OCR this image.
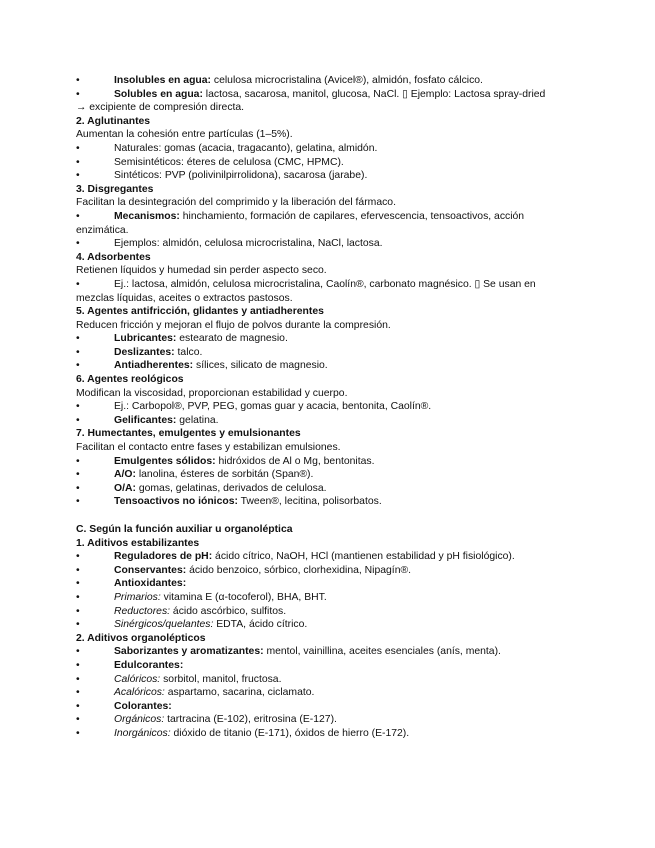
•	Insolubles en agua: celulosa microcristalina (Avicel®), almidón, fosfato cálcico.
•	Solubles en agua: lactosa, sacarosa, manitol, glucosa, NaCl. ▯ Ejemplo: Lactosa spray-dried
→ excipiente de compresión directa.
2. Aglutinantes
Aumentan la cohesión entre partículas (1–5%).
•	Naturales: gomas (acacia, tragacanto), gelatina, almidón.
•	Semisintéticos: éteres de celulosa (CMC, HPMC).
•	Sintéticos: PVP (polivinilpirrolidona), sacarosa (jarabe).
3. Disgregantes
Facilitan la desintegración del comprimido y la liberación del fármaco.
•	Mecanismos: hinchamiento, formación de capilares, efervescencia, tensoactivos, acción
enzimática.
•	Ejemplos: almidón, celulosa microcristalina, NaCl, lactosa.
4. Adsorbentes
Retienen líquidos y humedad sin perder aspecto seco.
•	Ej.: lactosa, almidón, celulosa microcristalina, Caolín®, carbonato magnésico. ▯ Se usan en
mezclas líquidas, aceites o extractos pastosos.
5. Agentes antifricción, glidantes y antiadherentes
Reducen fricción y mejoran el flujo de polvos durante la compresión.
•	Lubricantes: estearato de magnesio.
•	Deslizantes: talco.
•	Antiadherentes: sílices, silicato de magnesio.
6. Agentes reológicos
Modifican la viscosidad, proporcionan estabilidad y cuerpo.
•	Ej.: Carbopol®, PVP, PEG, gomas guar y acacia, bentonita, Caolín®.
•	Gelificantes: gelatina.
7. Humectantes, emulgentes y emulsionantes
Facilitan el contacto entre fases y estabilizan emulsiones.
•	Emulgentes sólidos: hidróxidos de Al o Mg, bentonitas.
•	A/O: lanolina, ésteres de sorbitán (Span®).
•	O/A: gomas, gelatinas, derivados de celulosa.
•	Tensoactivos no iónicos: Tween®, lecitina, polisorbatos.
C. Según la función auxiliar u organoléptica
1. Aditivos estabilizantes
•	Reguladores de pH: ácido cítrico, NaOH, HCl (mantienen estabilidad y pH fisiológico).
•	Conservantes: ácido benzoico, sórbico, clorhexidina, Nipagín®.
•	Antioxidantes:
•	Primarios: vitamina E (α-tocoferol), BHA, BHT.
•	Reductores: ácido ascórbico, sulfitos.
•	Sinérgicos/quelantes: EDTA, ácido cítrico.
2. Aditivos organolépticos
•	Saborizantes y aromatizantes: mentol, vainillina, aceites esenciales (anís, menta).
•	Edulcorantes:
•	Calóricos: sorbitol, manitol, fructosa.
•	Acalóricos: aspartamo, sacarina, ciclamato.
•	Colorantes:
•	Orgánicos: tartracina (E-102), eritrosina (E-127).
•	Inorgánicos: dióxido de titanio (E-171), óxidos de hierro (E-172).
